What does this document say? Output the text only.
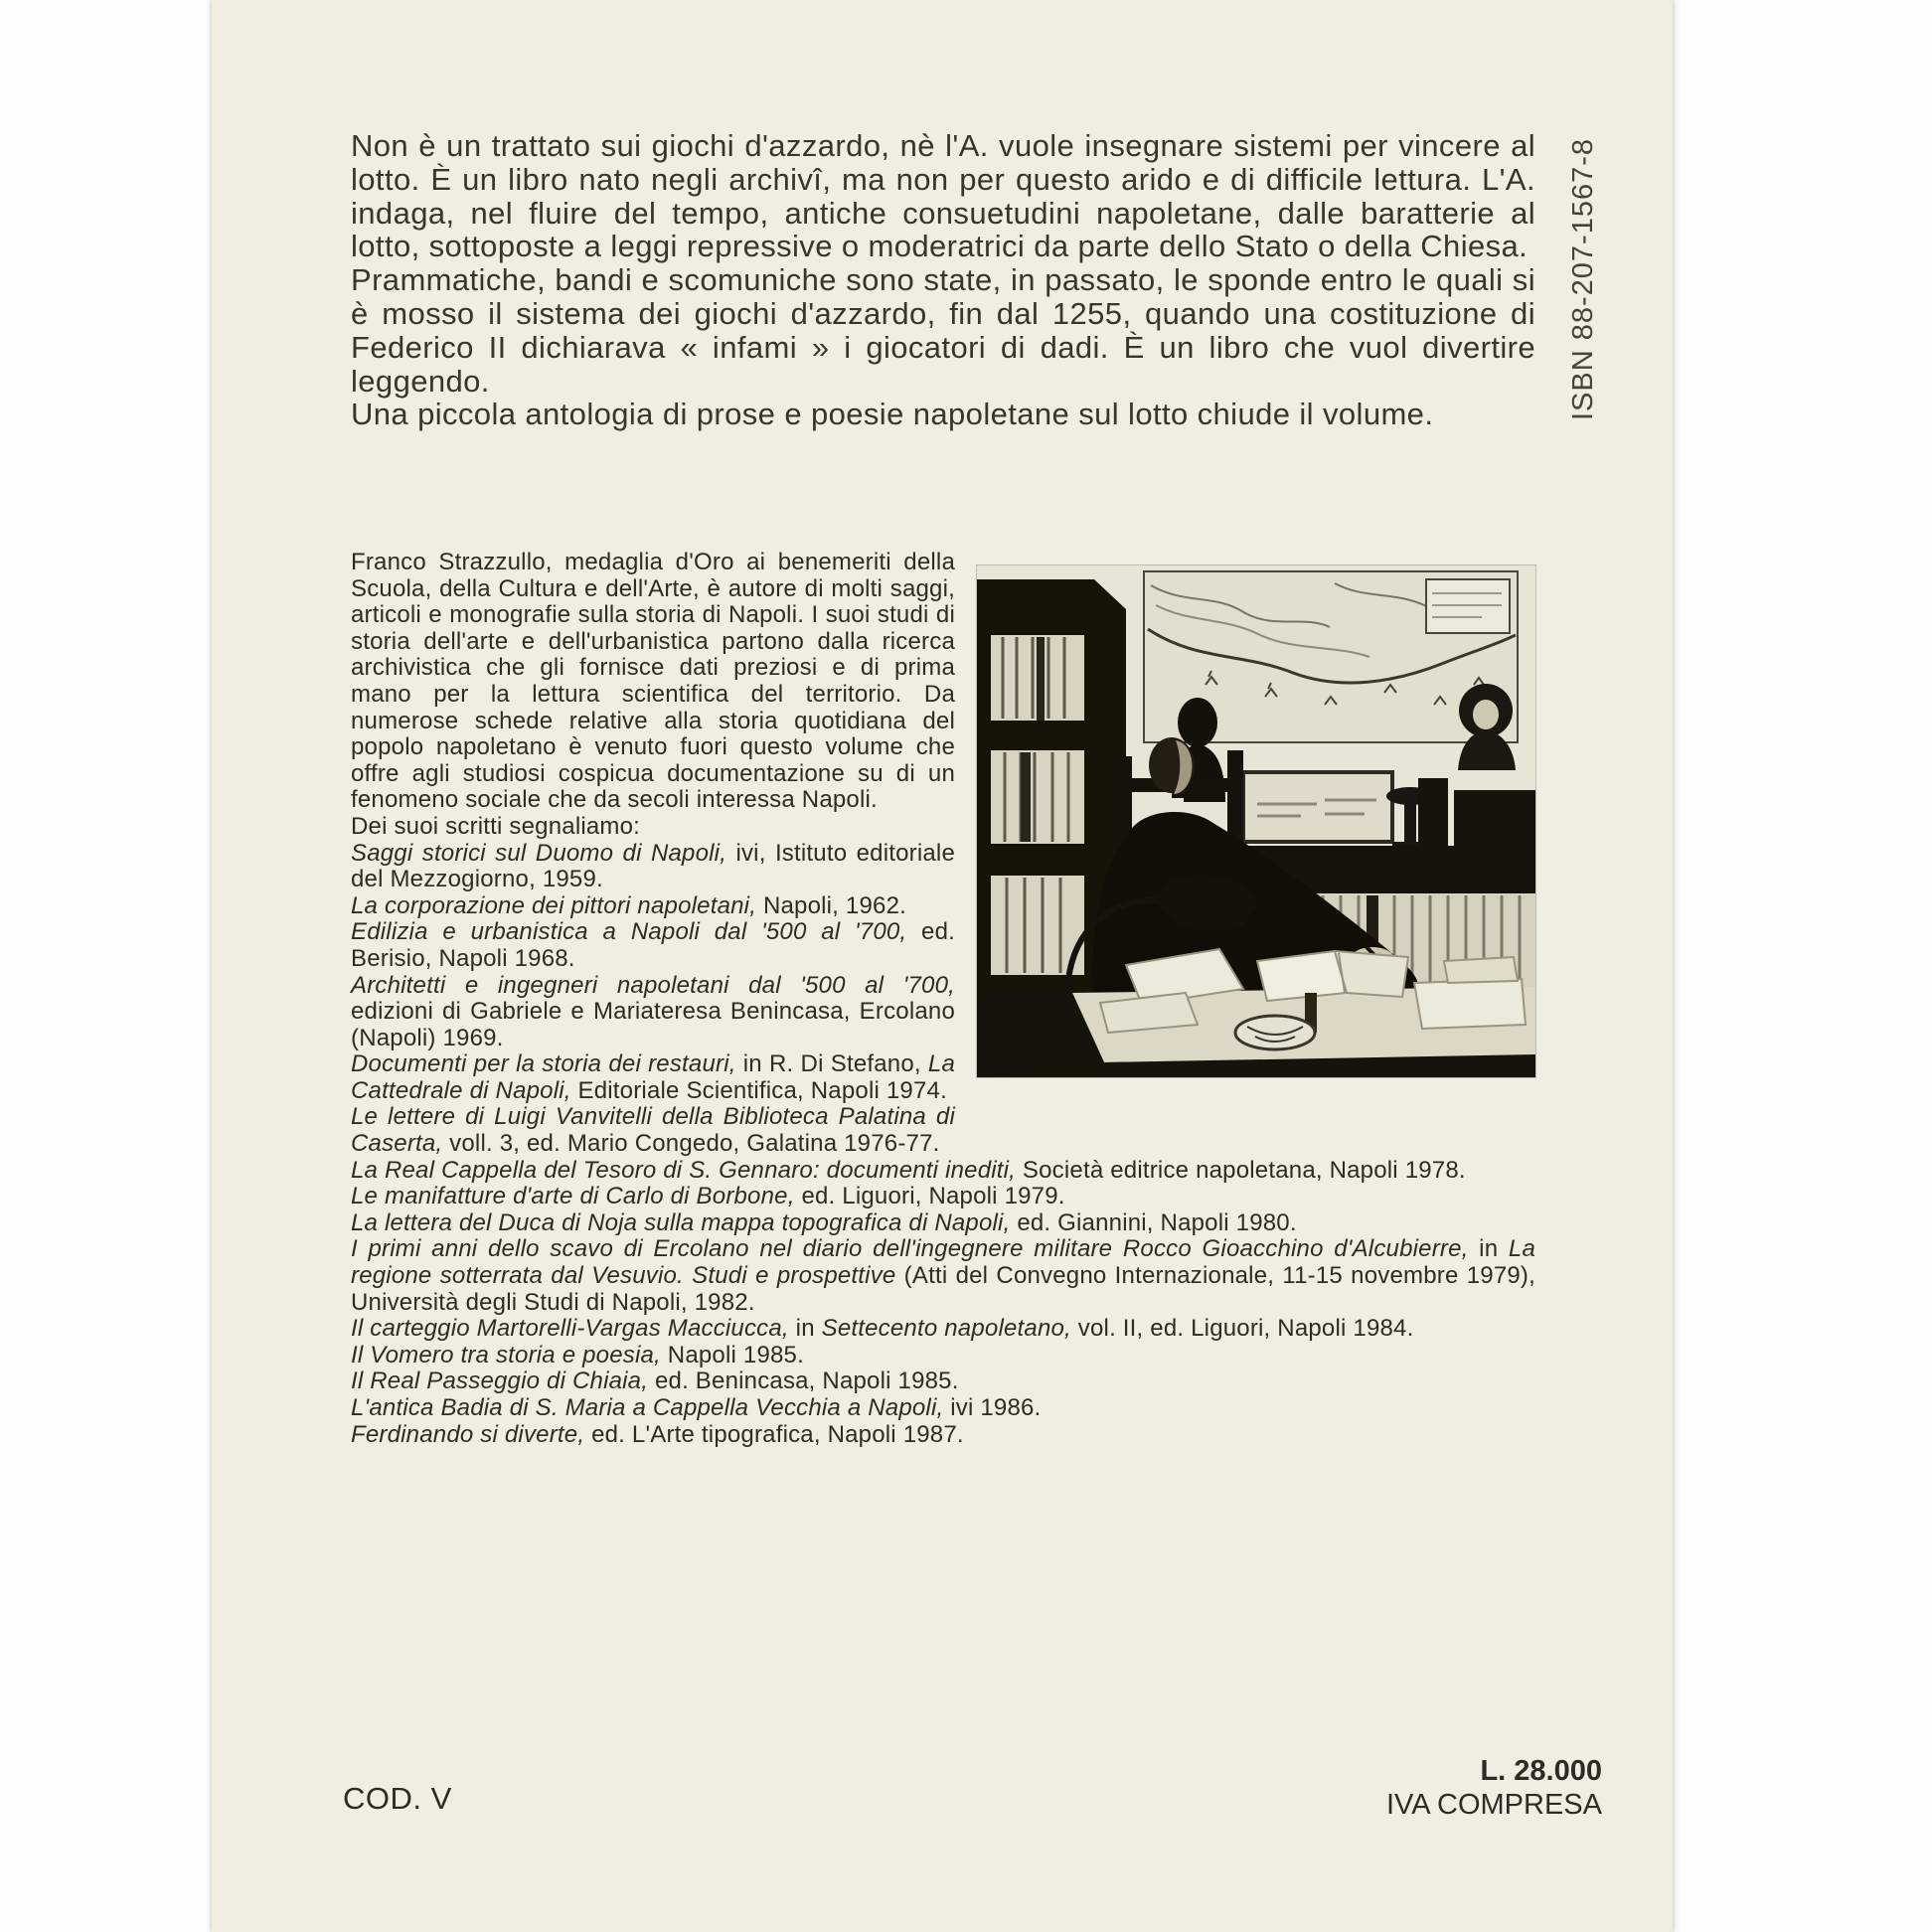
ISBN 88-207-1567-8

Non è un trattato sui giochi d'azzardo, nè l'A. vuole insegnare sistemi per vincere al lotto. È un libro nato negli archivî, ma non per questo arido e di difficile lettura. L'A. indaga, nel fluire del tempo, antiche consuetudini napoletane, dalle baratterie al lotto, sottoposte a leggi repressive o moderatrici da parte dello Stato o della Chiesa.

Prammatiche, bandi e scomuniche sono state, in passato, le sponde entro le quali si è mosso il sistema dei giochi d'azzardo, fin dal 1255, quando una costituzione di Federico II dichiarava « infami » i giocatori di dadi. È un libro che vuol divertire leggendo.

Una piccola antologia di prose e poesie napoletane sul lotto chiude il volume.

Franco Strazzullo, medaglia d'Oro ai benemeriti della Scuola, della Cultura e dell'Arte, è autore di molti saggi, articoli e monografie sulla storia di Napoli. I suoi studi di storia dell'arte e dell'urbanistica partono dalla ricerca archivistica che gli fornisce dati preziosi e di prima mano per la lettura scientifica del territorio. Da numerose schede relative alla storia quotidiana del popolo napoletano è venuto fuori questo volume che offre agli studiosi cospicua documentazione su di un fenomeno sociale che da secoli interessa Napoli.

Dei suoi scritti segnaliamo:

Saggi storici sul Duomo di Napoli, ivi, Istituto editoriale del Mezzogiorno, 1959.
La corporazione dei pittori napoletani, Napoli, 1962.
Edilizia e urbanistica a Napoli dal '500 al '700, ed. Berisio, Napoli 1968.
Architetti e ingegneri napoletani dal '500 al '700, edizioni di Gabriele e Mariateresa Benincasa, Ercolano (Napoli) 1969.
Documenti per la storia dei restauri, in R. Di Stefano, La Cattedrale di Napoli, Editoriale Scientifica, Napoli 1974.
Le lettere di Luigi Vanvitelli della Biblioteca Palatina di Caserta, voll. 3, ed. Mario Congedo, Galatina 1976-77.
La Real Cappella del Tesoro di S. Gennaro: documenti inediti, Società editrice napoletana, Napoli 1978.
Le manifatture d'arte di Carlo di Borbone, ed. Liguori, Napoli 1979.
La lettera del Duca di Noja sulla mappa topografica di Napoli, ed. Giannini, Napoli 1980.
I primi anni dello scavo di Ercolano nel diario dell'ingegnere militare Rocco Gioacchino d'Alcubierre, in La regione sotterrata dal Vesuvio. Studi e prospettive (Atti del Convegno Internazionale, 11-15 novembre 1979), Università degli Studi di Napoli, 1982.
Il carteggio Martorelli-Vargas Macciucca, in Settecento napoletano, vol. II, ed. Liguori, Napoli 1984.
Il Vomero tra storia e poesia, Napoli 1985.
Il Real Passeggio di Chiaia, ed. Benincasa, Napoli 1985.
L'antica Badia di S. Maria a Cappella Vecchia a Napoli, ivi 1986.
Ferdinando si diverte, ed. L'Arte tipografica, Napoli 1987.
COD. V
L. 28.000
IVA COMPRESA
